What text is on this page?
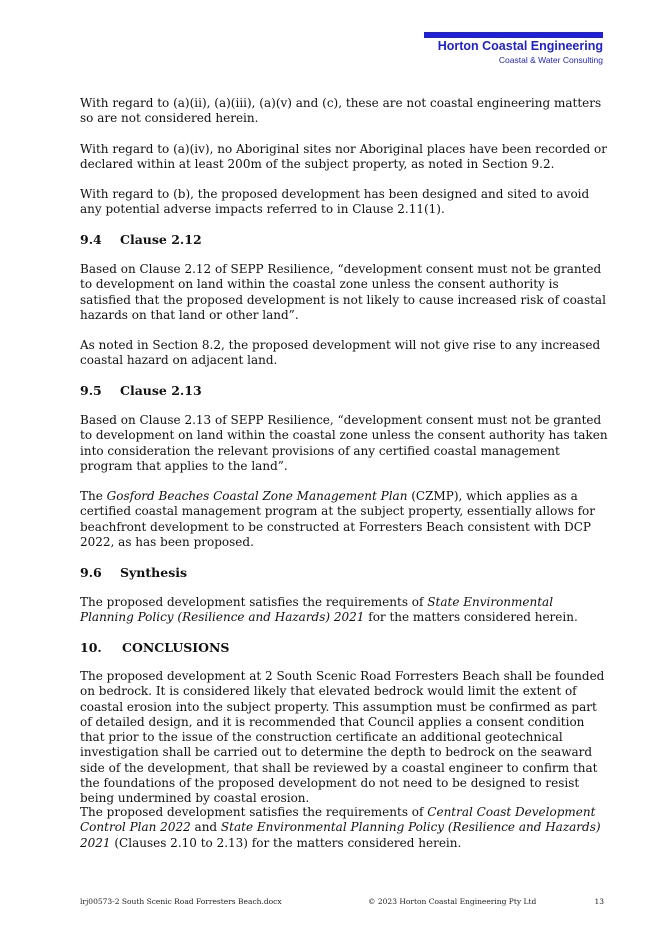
Horton Coastal Engineering
Coastal & Water Consulting

With regard to (a)(ii), (a)(iii), (a)(v) and (c), these are not coastal engineering matters so are not considered herein.

With regard to (a)(iv), no Aboriginal sites nor Aboriginal places have been recorded or declared within at least 200m of the subject property, as noted in Section 9.2.

With regard to (b), the proposed development has been designed and sited to avoid any potential adverse impacts referred to in Clause 2.11(1).

9.4 Clause 2.12

Based on Clause 2.12 of SEPP Resilience, “development consent must not be granted to development on land within the coastal zone unless the consent authority is satisfied that the proposed development is not likely to cause increased risk of coastal hazards on that land or other land”.

As noted in Section 8.2, the proposed development will not give rise to any increased coastal hazard on adjacent land.

9.5 Clause 2.13

Based on Clause 2.13 of SEPP Resilience, “development consent must not be granted to development on land within the coastal zone unless the consent authority has taken into consideration the relevant provisions of any certified coastal management program that applies to the land”.

The Gosford Beaches Coastal Zone Management Plan (CZMP), which applies as a certified coastal management program at the subject property, essentially allows for beachfront development to be constructed at Forresters Beach consistent with DCP 2022, as has been proposed.

9.6 Synthesis

The proposed development satisfies the requirements of State Environmental Planning Policy (Resilience and Hazards) 2021 for the matters considered herein.

10. CONCLUSIONS

The proposed development at 2 South Scenic Road Forresters Beach shall be founded on bedrock. It is considered likely that elevated bedrock would limit the extent of coastal erosion into the subject property. This assumption must be confirmed as part of detailed design, and it is recommended that Council applies a consent condition that prior to the issue of the construction certificate an additional geotechnical investigation shall be carried out to determine the depth to bedrock on the seaward side of the development, that shall be reviewed by a coastal engineer to confirm that the foundations of the proposed development do not need to be designed to resist being undermined by coastal erosion.

The proposed development satisfies the requirements of Central Coast Development Control Plan 2022 and State Environmental Planning Policy (Resilience and Hazards) 2021 (Clauses 2.10 to 2.13) for the matters considered herein.

lrj00573-2 South Scenic Road Forresters Beach.docx	© 2023 Horton Coastal Engineering Pty Ltd	13
